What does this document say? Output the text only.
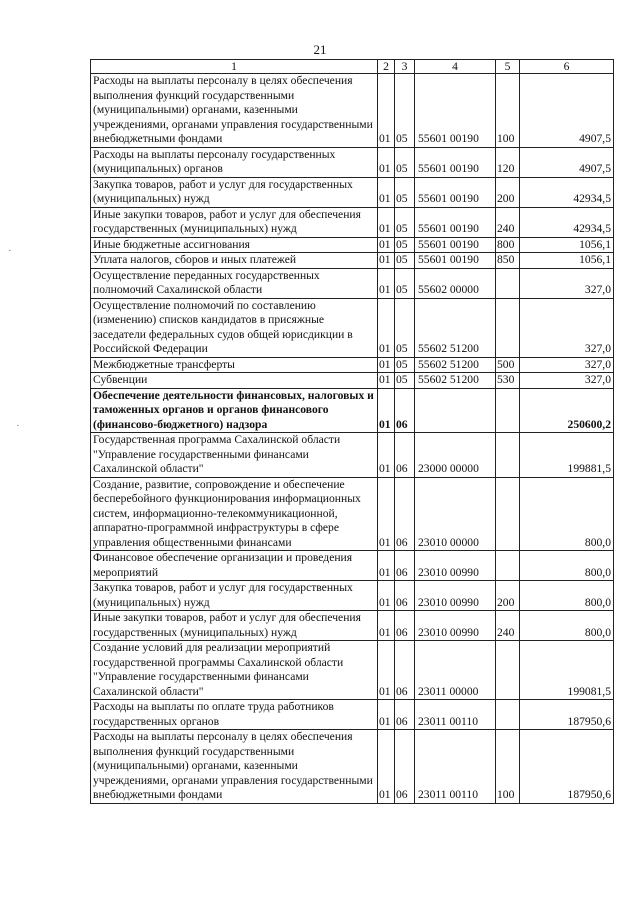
21
1	2	3	4	5	6
Расходы на выплаты персоналу в целях обеспечения выполнения функций государственными (муниципальными) органами, казенными учреждениями, органами управления государственными внебюджетными фондами	01	05	55601 00190	100	4907,5
Расходы на выплаты персоналу государственных (муниципальных) органов	01	05	55601 00190	120	4907,5
Закупка товаров, работ и услуг для государственных (муниципальных) нужд	01	05	55601 00190	200	42934,5
Иные закупки товаров, работ и услуг для обеспечения государственных (муниципальных) нужд	01	05	55601 00190	240	42934,5
Иные бюджетные ассигнования	01	05	55601 00190	800	1056,1
Уплата налогов, сборов и иных платежей	01	05	55601 00190	850	1056,1
Осуществление переданных государственных полномочий Сахалинской области	01	05	55602 00000		327,0
Осуществление полномочий по составлению (изменению) списков кандидатов в присяжные заседатели федеральных судов общей юрисдикции в Российской Федерации	01	05	55602 51200		327,0
Межбюджетные трансферты	01	05	55602 51200	500	327,0
Субвенции	01	05	55602 51200	530	327,0
Обеспечение деятельности финансовых, налоговых и таможенных органов и органов финансового (финансово-бюджетного) надзора	01	06			250600,2
Государственная программа Сахалинской области "Управление государственными финансами Сахалинской области"	01	06	23000 00000		199881,5
Создание, развитие, сопровождение и обеспечение бесперебойного функционирования информационных систем, информационно-телекоммуникационной, аппаратно-программной инфраструктуры в сфере управления общественными финансами	01	06	23010 00000		800,0
Финансовое обеспечение организации и проведения мероприятий	01	06	23010 00990		800,0
Закупка товаров, работ и услуг для государственных (муниципальных) нужд	01	06	23010 00990	200	800,0
Иные закупки товаров, работ и услуг для обеспечения государственных (муниципальных) нужд	01	06	23010 00990	240	800,0
Создание условий для реализации мероприятий государственной программы Сахалинской области "Управление государственными финансами Сахалинской области"	01	06	23011 00000		199081,5
Расходы на выплаты по оплате труда работников государственных органов	01	06	23011 00110		187950,6
Расходы на выплаты персоналу в целях обеспечения выполнения функций государственными (муниципальными) органами, казенными учреждениями, органами управления государственными внебюджетными фондами	01	06	23011 00110	100	187950,6
·
·
